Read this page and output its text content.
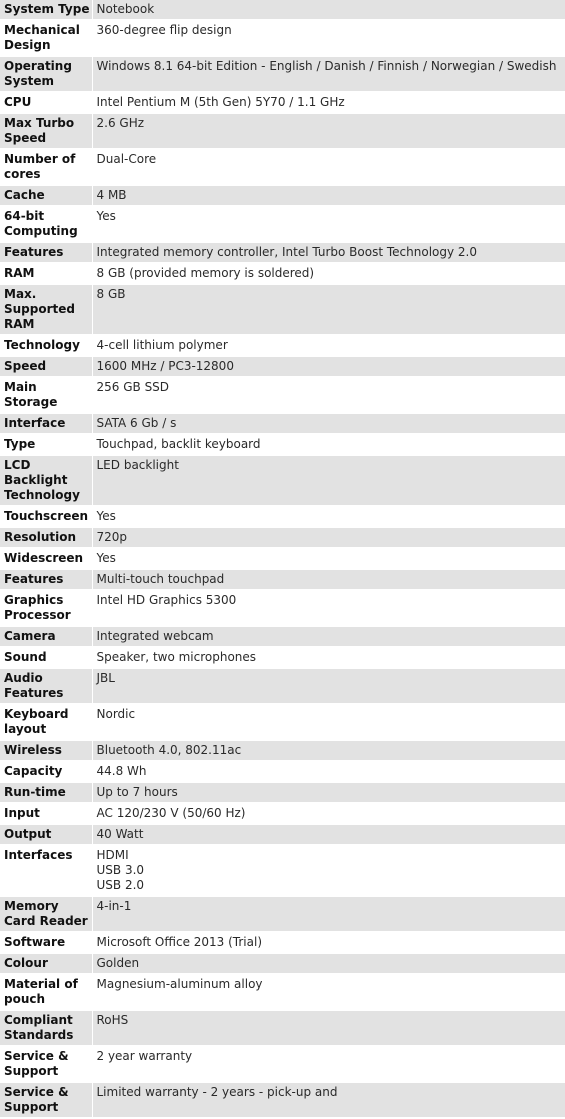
System Type	Notebook
Mechanical Design	360-degree flip design
Operating System	Windows 8.1 64-bit Edition - English / Danish / Finnish / Norwegian / Swedish
CPU	Intel Pentium M (5th Gen) 5Y70 / 1.1 GHz
Max Turbo Speed	2.6 GHz
Number of cores	Dual-Core
Cache	4 MB
64-bit Computing	Yes
Features	Integrated memory controller, Intel Turbo Boost Technology 2.0
RAM	8 GB (provided memory is soldered)
Max. Supported RAM	8 GB
Technology	4-cell lithium polymer
Speed	1600 MHz / PC3-12800
Main Storage	256 GB SSD
Interface	SATA 6 Gb / s
Type	Touchpad, backlit keyboard
LCD Backlight Technology	LED backlight
Touchscreen	Yes
Resolution	720p
Widescreen	Yes
Features	Multi-touch touchpad
Graphics Processor	Intel HD Graphics 5300
Camera	Integrated webcam
Sound	Speaker, two microphones
Audio Features	JBL
Keyboard layout	Nordic
Wireless	Bluetooth 4.0, 802.11ac
Capacity	44.8 Wh
Run-time	Up to 7 hours
Input	AC 120/230 V (50/60 Hz)
Output	40 Watt
Interfaces	HDMI
USB 3.0
USB 2.0
Memory Card Reader	4-in-1
Software	Microsoft Office 2013 (Trial)
Colour	Golden
Material of pouch	Magnesium-aluminum alloy
Compliant Standards	RoHS
Service & Support	2 year warranty
Service & Support	Limited warranty - 2 years - pick-up and
